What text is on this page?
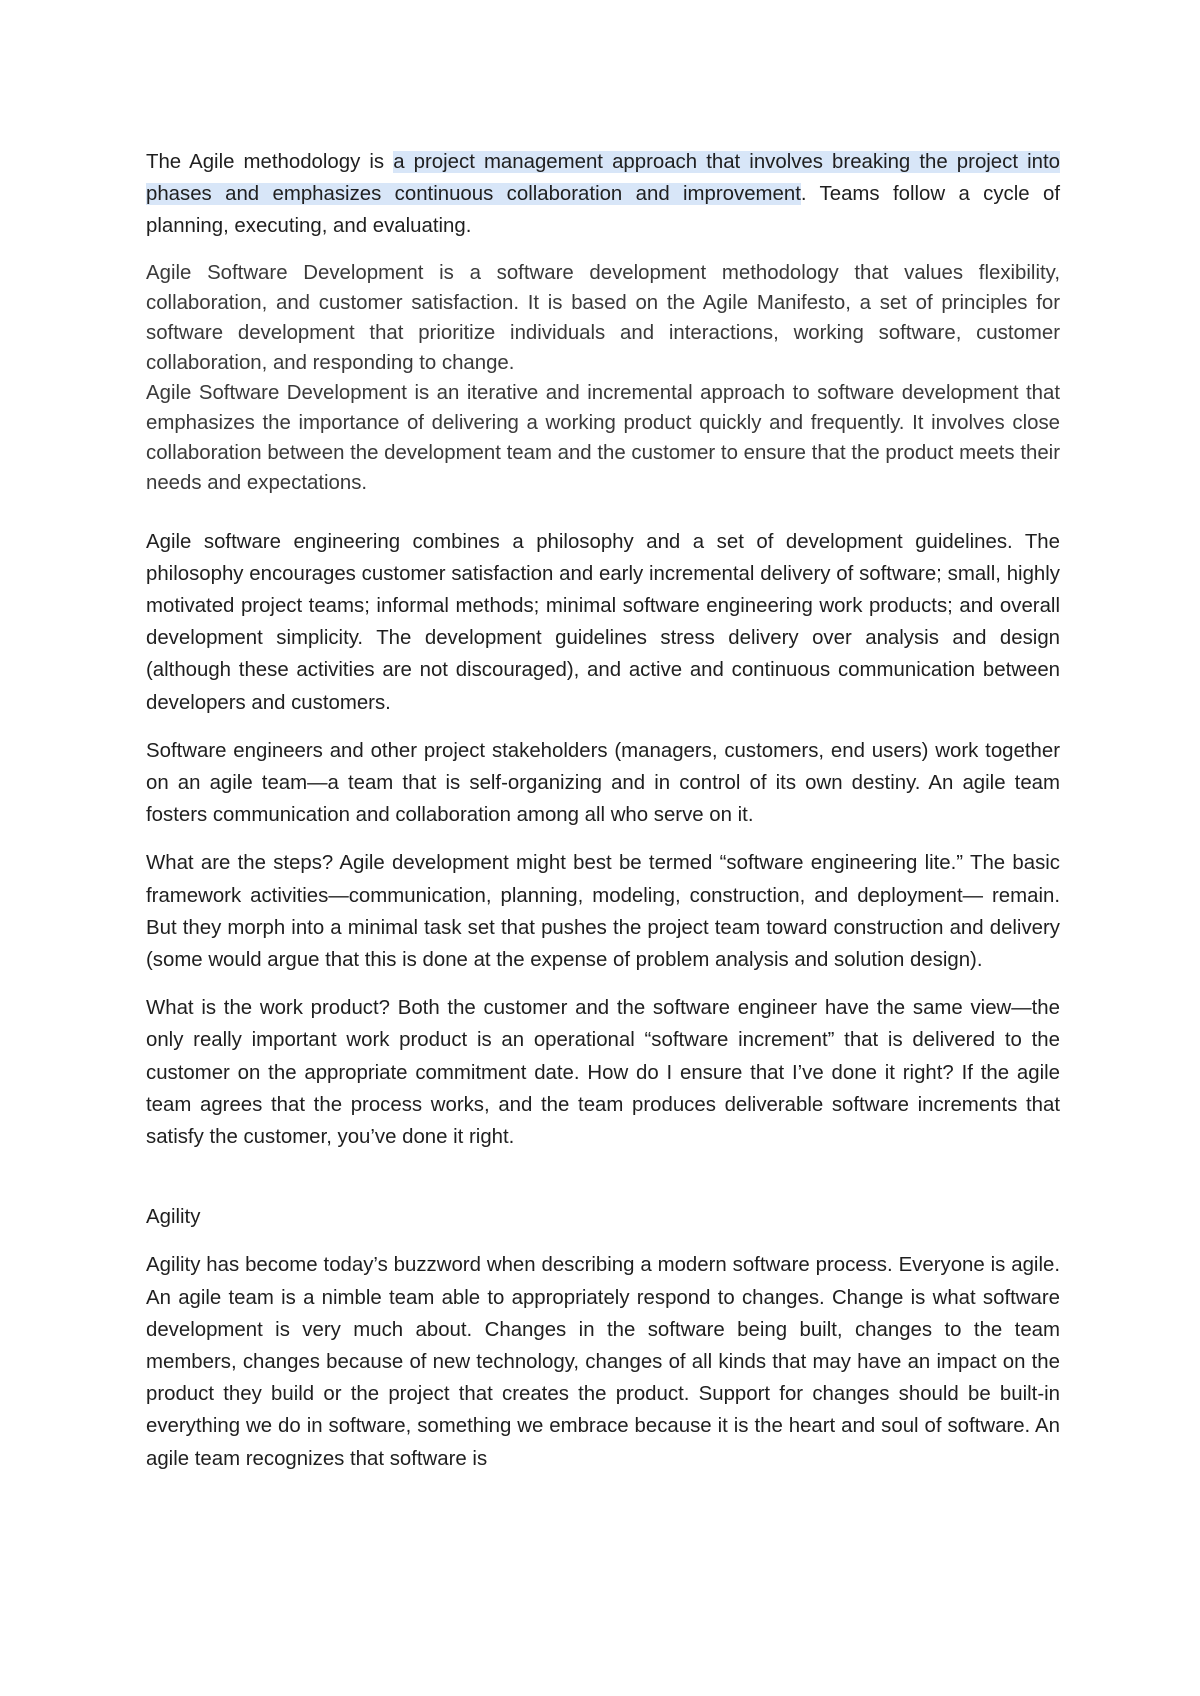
The Agile methodology is a project management approach that involves breaking the project into phases and emphasizes continuous collaboration and improvement. Teams follow a cycle of planning, executing, and evaluating.

Agile Software Development is a software development methodology that values flexibility, collaboration, and customer satisfaction. It is based on the Agile Manifesto, a set of principles for software development that prioritize individuals and interactions, working software, customer collaboration, and responding to change.

Agile Software Development is an iterative and incremental approach to software development that emphasizes the importance of delivering a working product quickly and frequently. It involves close collaboration between the development team and the customer to ensure that the product meets their needs and expectations.

Agile software engineering combines a philosophy and a set of development guidelines. The philosophy encourages customer satisfaction and early incremental delivery of software; small, highly motivated project teams; informal methods; minimal software engineering work products; and overall development simplicity. The development guidelines stress delivery over analysis and design (although these activities are not discouraged), and active and continuous communication between developers and customers.

Software engineers and other project stakeholders (managers, customers, end users) work together on an agile team—a team that is self-organizing and in control of its own destiny. An agile team fosters communication and collaboration among all who serve on it.

What are the steps? Agile development might best be termed “software engineering lite.” The basic framework activities—communication, planning, modeling, construction, and deployment— remain. But they morph into a minimal task set that pushes the project team toward construction and delivery (some would argue that this is done at the expense of problem analysis and solution design).

What is the work product? Both the customer and the software engineer have the same view—the only really important work product is an operational “software increment” that is delivered to the customer on the appropriate commitment date. How do I ensure that I’ve done it right? If the agile team agrees that the process works, and the team produces deliverable software increments that satisfy the customer, you’ve done it right.

Agility

Agility has become today’s buzzword when describing a modern software process. Everyone is agile. An agile team is a nimble team able to appropriately respond to changes. Change is what software development is very much about. Changes in the software being built, changes to the team members, changes because of new technology, changes of all kinds that may have an impact on the product they build or the project that creates the product. Support for changes should be built-in everything we do in software, something we embrace because it is the heart and soul of software. An agile team recognizes that software is
